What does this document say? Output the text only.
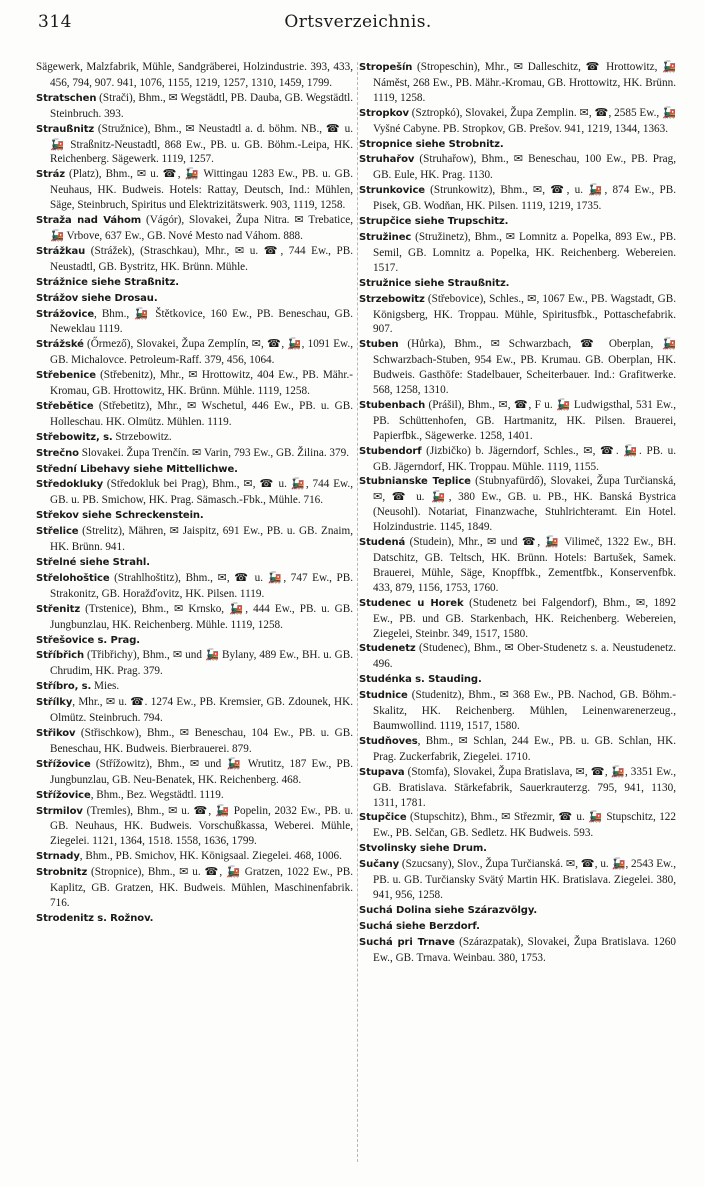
314	Ortsverzeichnis.

Sägewerk, Malzfabrik, Mühle, Sandgräberei, Holzindustrie. 393, 433, 456, 794, 907. 941, 1076, 1155, 1219, 1257, 1310, 1459, 1799.

Stratschen (Strači), Bhm., ✉ Wegstädtl, PB. Dauba, GB. Wegstädtl. Steinbruch. 393.

Straußnitz (Stružnice), Bhm., ✉ Neustadtl a. d. böhm. NB., ☎ u. 🚂 Straßnitz-Neustadtl, 868 Ew., PB. u. GB. Böhm.-Leipa, HK. Reichenberg. Sägewerk. 1119, 1257.

Stráz (Platz), Bhm., ✉ u. ☎, 🚂 Wittingau 1283 Ew., PB. u. GB. Neuhaus, HK. Budweis. Hotels: Rattay, Deutsch, Ind.: Mühlen, Säge, Steinbruch, Spiritus und Elektrizitätswerk. 903, 1119, 1258.

Straža nad Váhom (Vágór), Slovakei, Župa Nitra. ✉ Trebatice, 🚂 Vrbove, 637 Ew., GB. Nové Mesto nad Váhom. 888.

Strážkau (Strážek), (Straschkau), Mhr., ✉ u. ☎, 744 Ew., PB. Neustadtl, GB. Bystritz, HK. Brünn. Mühle.

Strážnice siehe Straßnitz.

Strážov siehe Drosau.

Strážovice, Bhm., 🚂 Štětkovice, 160 Ew., PB. Beneschau, GB. Neweklau 1119.

Strážské (Őrmező), Slovakei, Župa Zemplín, ✉, ☎, 🚂, 1091 Ew., GB. Michalovce. Petroleum-Raff. 379, 456, 1064.

Střebenice (Střebenitz), Mhr., ✉ Hrottowitz, 404 Ew., PB. Mähr.-Kromau, GB. Hrottowitz, HK. Brünn. Mühle. 1119, 1258.

Střebětice (Střebetitz), Mhr., ✉ Wschetul, 446 Ew., PB. u. GB. Holleschau. HK. Olmütz. Mühlen. 1119.

Střebowitz, s. Strzebowitz.

Strečno Slovakei. Župa Trenčín. ✉ Varin, 793 Ew., GB. Žilina. 379.

Střední Libehavy siehe Mittellichwe.

Středokluky (Středokluk bei Prag), Bhm., ✉, ☎ u. 🚂, 744 Ew., GB. u. PB. Smichow, HK. Prag. Sämasch.-Fbk., Mühle. 716.

Střekov siehe Schreckenstein.

Střelice (Strelitz), Mähren, ✉ Jaispitz, 691 Ew., PB. u. GB. Znaim, HK. Brünn. 941.

Střelné siehe Strahl.

Střelohoštice (Strahlhoštitz), Bhm., ✉, ☎ u. 🚂, 747 Ew., PB. Strakonitz, GB. Horažďovitz, HK. Pilsen. 1119.

Střenitz (Trstenice), Bhm., ✉ Krnsko, 🚂, 444 Ew., PB. u. GB. Jungbunzlau, HK. Reichenberg. Mühle. 1119, 1258.

Střešovice s. Prag.

Stříbřich (Třibřichy), Bhm., ✉ und 🚂 Bylany, 489 Ew., BH. u. GB. Chrudim, HK. Prag. 379.

Stříbro, s. Mies.

Střílky, Mhr., ✉ u. ☎. 1274 Ew., PB. Kremsier, GB. Zdounek, HK. Olmütz. Steinbruch. 794.

Střikov (Střischkow), Bhm., ✉ Beneschau, 104 Ew., PB. u. GB. Beneschau, HK. Budweis. Bierbrauerei. 879.

Střížovice (Střížowitz), Bhm., ✉ und 🚂 Wrutitz, 187 Ew., PB. Jungbunzlau, GB. Neu-Benatek, HK. Reichenberg. 468.

Střížovice, Bhm., Bez. Wegstädtl. 1119.

Strmilov (Tremles), Bhm., ✉ u. ☎, 🚂 Popelin, 2032 Ew., PB. u. GB. Neuhaus, HK. Budweis. Vorschußkassa, Weberei. Mühle, Ziegelei. 1121, 1364, 1518. 1558, 1636, 1799.

Strnady, Bhm., PB. Smichov, HK. Königsaal. Ziegelei. 468, 1006.

Strobnitz (Stropnice), Bhm., ✉ u. ☎, 🚂 Gratzen, 1022 Ew., PB. Kaplitz, GB. Gratzen, HK. Budweis. Mühlen, Maschinenfabrik. 716.

Strodenitz s. Rožnov.

Stropešín (Stropeschin), Mhr., ✉ Dalleschitz, ☎ Hrottowitz, 🚂 Náměst, 268 Ew., PB. Mähr.-Kromau, GB. Hrottowitz, HK. Brünn. 1119, 1258.

Stropkov (Sztropkó), Slovakei, Župa Zemplin. ✉, ☎, 2585 Ew., 🚂 Vyšné Cabyne. PB. Stropkov, GB. Prešov. 941, 1219, 1344, 1363.

Stropnice siehe Strobnitz.

Struhařov (Struhařow), Bhm., ✉ Beneschau, 100 Ew., PB. Prag, GB. Eule, HK. Prag. 1130.

Strunkovice (Strunkowitz), Bhm., ✉, ☎, u. 🚂, 874 Ew., PB. Pisek, GB. Wodňan, HK. Pilsen. 1119, 1219, 1735.

Strupčice siehe Trupschitz.

Stružinec (Stružinetz), Bhm., ✉ Lomnitz a. Popelka, 893 Ew., PB. Semil, GB. Lomnitz a. Popelka, HK. Reichenberg. Webereien. 1517.

Stružnice siehe Straußnitz.

Strzebowitz (Střebovice), Schles., ✉, 1067 Ew., PB. Wagstadt, GB. Königsberg, HK. Troppau. Mühle, Spiritusfbk., Pottaschefabrik. 907.

Stuben (Hůrka), Bhm., ✉ Schwarzbach, ☎ Oberplan, 🚂 Schwarzbach-Stuben, 954 Ew., PB. Krumau. GB. Oberplan, HK. Budweis. Gasthöfe: Stadelbauer, Scheiterbauer. Ind.: Grafitwerke. 568, 1258, 1310.

Stubenbach (Prášil), Bhm., ✉, ☎, F u. 🚂 Ludwigsthal, 531 Ew., PB. Schüttenhofen, GB. Hartmanitz, HK. Pilsen. Brauerei, Papierfbk., Sägewerke. 1258, 1401.

Stubendorf (Jizbičko) b. Jägerndorf, Schles., ✉, ☎. 🚂. PB. u. GB. Jägerndorf, HK. Troppau. Mühle. 1119, 1155.

Stubnianske Teplice (Stubnyafürdő), Slovakei, Župa Turčianská, ✉, ☎ u. 🚂, 380 Ew., GB. u. PB., HK. Banská Bystrica (Neusohl). Notariat, Finanzwache, Stuhlrichteramt. Ein Hotel. Holzindustrie. 1145, 1849.

Studená (Studein), Mhr., ✉ und ☎, 🚂 Vilimeč, 1322 Ew., BH. Datschitz, GB. Teltsch, HK. Brünn. Hotels: Bartušek, Samek. Brauerei, Mühle, Säge, Knopffbk., Zementfbk., Konservenfbk. 433, 879, 1156, 1753, 1760.

Studenec u Horek (Studenetz bei Falgendorf), Bhm., ✉, 1892 Ew., PB. und GB. Starkenbach, HK. Reichenberg. Webereien, Ziegelei, Steinbr. 349, 1517, 1580.

Studenetz (Studenec), Bhm., ✉ Ober-Studenetz s. a. Neustudenetz. 496.

Studénka s. Stauding.

Studnice (Studenitz), Bhm., ✉ 368 Ew., PB. Nachod, GB. Böhm.-Skalitz, HK. Reichenberg. Mühlen, Leinenwarenerzeug., Baumwollind. 1119, 1517, 1580.

Studňoves, Bhm., ✉ Schlan, 244 Ew., PB. u. GB. Schlan, HK. Prag. Zuckerfabrik, Ziegelei. 1710.

Stupava (Stomfa), Slovakei, Župa Bratislava, ✉, ☎, 🚂, 3351 Ew., GB. Bratislava. Stärkefabrik, Sauerkrauterzg. 795, 941, 1130, 1311, 1781.

Stupčice (Stupschitz), Bhm., ✉ Střezmir, ☎ u. 🚂 Stupschitz, 122 Ew., PB. Selčan, GB. Sedletz. HK Budweis. 593.

Stvolinsky siehe Drum.

Sučany (Szucsany), Slov., Župa Turčianská. ✉, ☎, u. 🚂, 2543 Ew., PB. u. GB. Turčiansky Svätý Martin HK. Bratislava. Ziegelei. 380, 941, 956, 1258.

Suchá Dolina siehe Szárazvölgy.

Suchá siehe Berzdorf.

Suchá pri Trnave (Szárazpatak), Slovakei, Župa Bratislava. 1260 Ew., GB. Trnava. Weinbau. 380, 1753.
